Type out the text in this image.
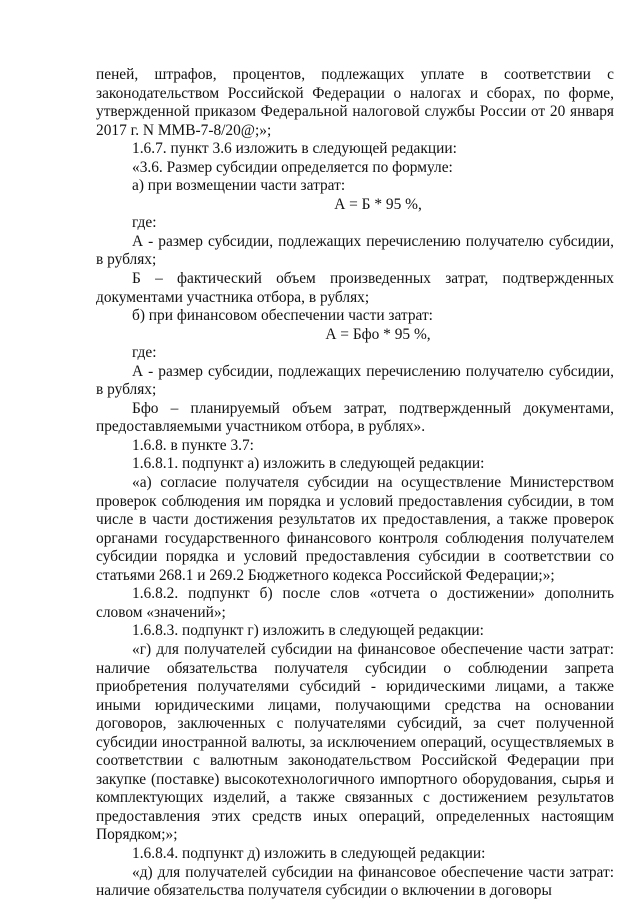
пеней, штрафов, процентов, подлежащих уплате в соответствии с законодательством Российской Федерации о налогах и сборах, по форме, утвержденной приказом Федеральной налоговой службы России от 20 января 2017 г. N ММВ-7-8/20@;»;

1.6.7. пункт 3.6 изложить в следующей редакции:

«3.6. Размер субсидии определяется по формуле:

а) при возмещении части затрат:

А = Б * 95 %,

где:

А - размер субсидии, подлежащих перечислению получателю субсидии, в рублях;

Б – фактический объем произведенных затрат, подтвержденных документами участника отбора, в рублях;

б) при финансовом обеспечении части затрат:

А = Бфо * 95 %,

где:

А - размер субсидии, подлежащих перечислению получателю субсидии, в рублях;

Бфо – планируемый объем затрат, подтвержденный документами, предоставляемыми участником отбора, в рублях».

1.6.8. в пункте 3.7:

1.6.8.1. подпункт а) изложить в следующей редакции:

«а) согласие получателя субсидии на осуществление Министерством проверок соблюдения им порядка и условий предоставления субсидии, в том числе в части достижения результатов их предоставления, а также проверок органами государственного финансового контроля соблюдения получателем субсидии порядка и условий предоставления субсидии в соответствии со статьями 268.1 и 269.2 Бюджетного кодекса Российской Федерации;»;

1.6.8.2. подпункт б) после слов «отчета о достижении» дополнить словом «значений»;

1.6.8.3. подпункт г) изложить в следующей редакции:

«г) для получателей субсидии на финансовое обеспечение части затрат: наличие обязательства получателя субсидии о соблюдении запрета приобретения получателями субсидий - юридическими лицами, а также иными юридическими лицами, получающими средства на основании договоров, заключенных с получателями субсидий, за счет полученной субсидии иностранной валюты, за исключением операций, осуществляемых в соответствии с валютным законодательством Российской Федерации при закупке (поставке) высокотехнологичного импортного оборудования, сырья и комплектующих изделий, а также связанных с достижением результатов предоставления этих средств иных операций, определенных настоящим Порядком;»;

1.6.8.4. подпункт д) изложить в следующей редакции:

«д) для получателей субсидии на финансовое обеспечение части затрат: наличие обязательства получателя субсидии о включении в договоры
